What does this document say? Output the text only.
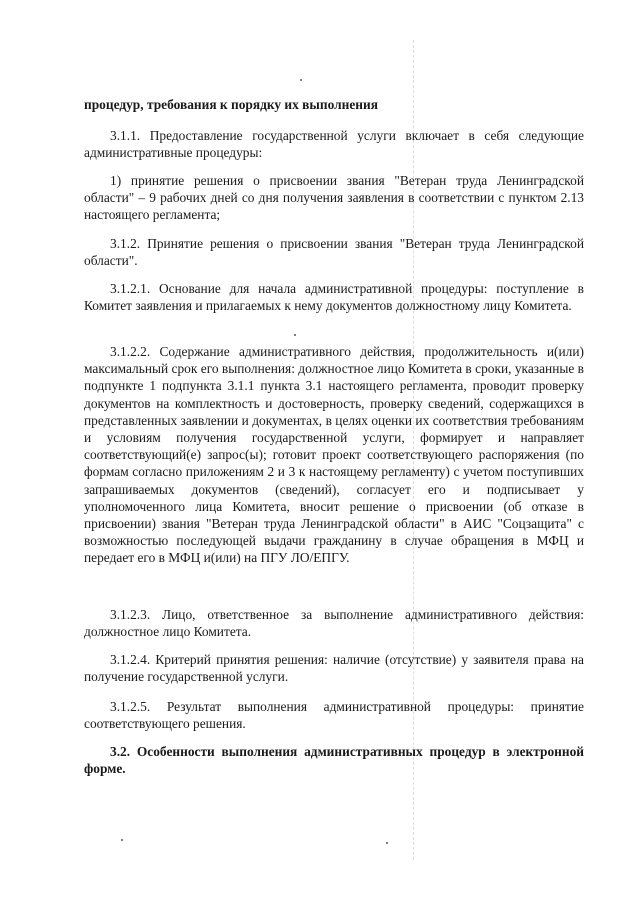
процедур, требования к порядку их выполнения

3.1.1. Предоставление государственной услуги включает в себя следующие административные процедуры:

1) принятие решения о присвоении звания "Ветеран труда Ленинградской области" – 9 рабочих дней со дня получения заявления в соответствии с пунктом 2.13 настоящего регламента;

3.1.2. Принятие решения о присвоении звания "Ветеран труда Ленинградской области".

3.1.2.1. Основание для начала административной процедуры: поступление в Комитет заявления и прилагаемых к нему документов должностному лицу Комитета.

3.1.2.2. Содержание административного действия, продолжительность и(или) максимальный срок его выполнения: должностное лицо Комитета в сроки, указанные в подпункте 1 подпункта 3.1.1 пункта 3.1 настоящего регламента, проводит проверку документов на комплектность и достоверность, проверку сведений, содержащихся в представленных заявлении и документах, в целях оценки их соответствия требованиям и условиям получения государственной услуги, формирует и направляет соответствующий(е) запрос(ы); готовит проект соответствующего распоряжения (по формам согласно приложениям 2 и 3 к настоящему регламенту) с учетом поступивших запрашиваемых документов (сведений), согласует его и подписывает у уполномоченного лица Комитета, вносит решение о присвоении (об отказе в присвоении) звания "Ветеран труда Ленинградской области" в АИС "Соцзащита" с возможностью последующей выдачи гражданину в случае обращения в МФЦ и передает его в МФЦ и(или) на ПГУ ЛО/ЕПГУ.

3.1.2.3. Лицо, ответственное за выполнение административного действия: должностное лицо Комитета.

3.1.2.4. Критерий принятия решения: наличие (отсутствие) у заявителя права на получение государственной услуги.

3.1.2.5. Результат выполнения административной процедуры: принятие соответствующего решения.

3.2. Особенности выполнения административных процедур в электронной форме.
